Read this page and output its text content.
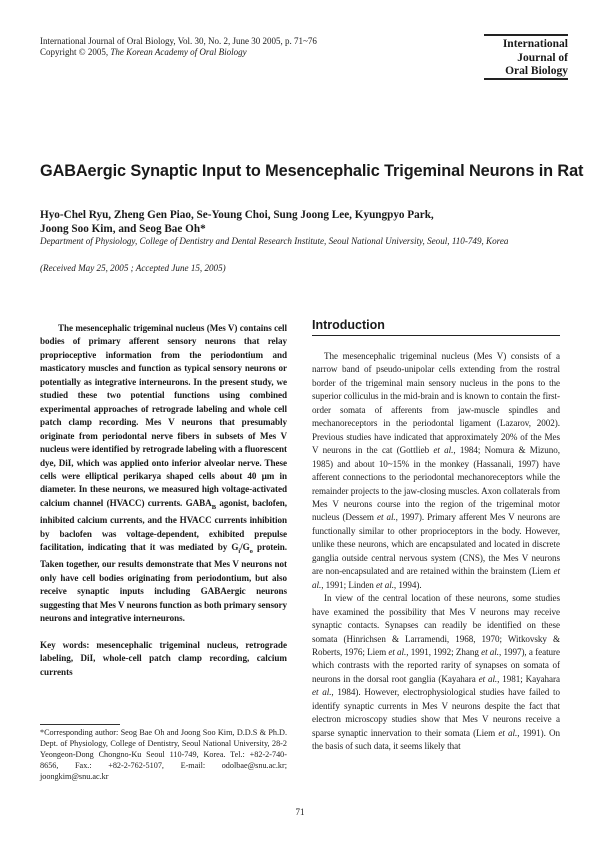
International Journal of Oral Biology, Vol. 30, No. 2, June 30 2005, p. 71~76
Copyright © 2005, The Korean Academy of Oral Biology
International
Journal of
Oral Biology
GABAergic Synaptic Input to Mesencephalic Trigeminal Neurons in Rat
Hyo-Chel Ryu, Zheng Gen Piao, Se-Young Choi, Sung Joong Lee, Kyungpyo Park,
Joong Soo Kim, and Seog Bae Oh*
Department of Physiology, College of Dentistry and Dental Research Institute, Seoul National University, Seoul, 110-749, Korea
(Received May 25, 2005 ; Accepted June 15, 2005)

The mesencephalic trigeminal nucleus (Mes V) contains cell bodies of primary afferent sensory neurons that relay proprioceptive information from the periodontium and masticatory muscles and function as typical sensory neurons or potentially as integrative interneurons. In the present study, we studied these two potential functions using combined experimental approaches of retrograde labeling and whole cell patch clamp recording. Mes V neurons that presumably originate from periodontal nerve fibers in subsets of Mes V nucleus were identified by retrograde labeling with a fluorescent dye, DiI, which was applied onto inferior alveolar nerve. These cells were elliptical perikarya shaped cells about 40 µm in diameter. In these neurons, we measured high voltage-activated calcium channel (HVACC) currents. $GABA_B$ agonist, baclofen, inhibited calcium currents, and the HVACC currents inhibition by baclofen was voltage-dependent, exhibited prepulse facilitation, indicating that it was mediated by $G_i/G_o$ protein. Taken together, our results demonstrate that Mes V neurons not only have cell bodies originating from periodontium, but also receive synaptic inputs including GABAergic neurons suggesting that Mes V neurons function as both primary sensory neurons and integrative interneurons.

Key words: mesencephalic trigeminal nucleus, retrograde labeling, DiI, whole-cell patch clamp recording, calcium currents

*Corresponding author: Seog Bae Oh and Joong Soo Kim, D.D.S & Ph.D. Dept. of Physiology, College of Dentistry, Seoul National University, 28-2 Yeongeon-Dong Chongno-Ku Seoul 110-749, Korea. Tel.: +82-2-740-8656, Fax.: +82-2-762-5107, E-mail: odolbae@snu.ac.kr; joongkim@snu.ac.kr
Introduction

The mesencephalic trigeminal nucleus (Mes V) consists of a narrow band of pseudo-unipolar cells extending from the rostral border of the trigeminal main sensory nucleus in the pons to the superior colliculus in the mid-brain and is known to contain the first-order somata of afferents from jaw-muscle spindles and mechanoreceptors in the periodontal ligament (Lazarov, 2002). Previous studies have indicated that approximately 20% of the Mes V neurons in the cat (Gottlieb et al., 1984; Nomura & Mizuno, 1985) and about 10~15% in the monkey (Hassanali, 1997) have afferent connections to the periodontal mechanoreceptors while the remainder projects to the jaw-closing muscles. Axon collaterals from Mes V neurons course into the region of the trigeminal motor nucleus (Dessem et al., 1997). Primary afferent Mes V neurons are functionally similar to other proprioceptors in the body. However, unlike these neurons, which are encapsulated and located in discrete ganglia outside central nervous system (CNS), the Mes V neurons are non-encapsulated and are retained within the brainstem (Liem et al., 1991; Linden et al., 1994).

In view of the central location of these neurons, some studies have examined the possibility that Mes V neurons may receive synaptic contacts. Synapses can readily be identified on these somata (Hinrichsen & Larramendi, 1968, 1970; Witkovsky & Roberts, 1976; Liem et al., 1991, 1992; Zhang et al., 1997), a feature which contrasts with the reported rarity of synapses on somata of neurons in the dorsal root ganglia (Kayahara et al., 1981; Kayahara et al., 1984). However, electrophysiological studies have failed to identify synaptic currents in Mes V neurons despite the fact that electron microscopy studies show that Mes V neurons receive a sparse synaptic innervation to their somata (Liem et al., 1991). On the basis of such data, it seems likely that

71
